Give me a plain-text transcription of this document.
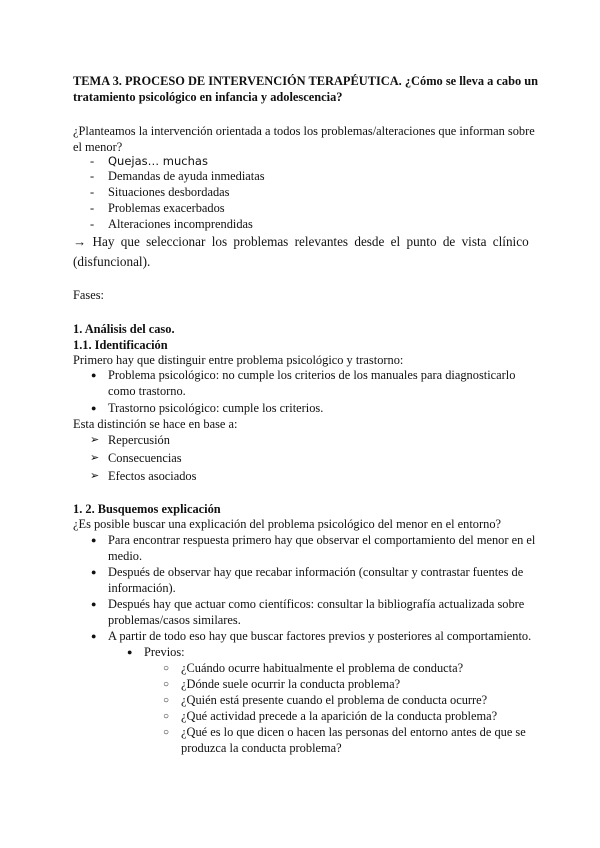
TEMA 3. PROCESO DE INTERVENCIÓN TERAPÉUTICA. ¿Cómo se lleva a cabo un
tratamiento psicológico en infancia y adolescencia?
¿Planteamos la intervención orientada a todos los problemas/alteraciones que informan sobre
el menor?
-	Quejas… muchas
-	Demandas de ayuda inmediatas
-	Situaciones desbordadas
-	Problemas exacerbados
-	Alteraciones incomprendidas
→ Hay que seleccionar los problemas relevantes desde el punto de vista clínico
(disfuncional).
Fases:
1. Análisis del caso.
1.1. Identificación
Primero hay que distinguir entre problema psicológico y trastorno:
● Problema psicológico: no cumple los criterios de los manuales para diagnosticarlo
como trastorno.
● Trastorno psicológico: cumple los criterios.
Esta distinción se hace en base a:
➢ Repercusión
➢ Consecuencias
➢ Efectos asociados
1. 2. Busquemos explicación
¿Es posible buscar una explicación del problema psicológico del menor en el entorno?
● Para encontrar respuesta primero hay que observar el comportamiento del menor en el
medio.
● Después de observar hay que recabar información (consultar y contrastar fuentes de
información).
● Después hay que actuar como científicos: consultar la bibliografía actualizada sobre
problemas/casos similares.
● A partir de todo eso hay que buscar factores previos y posteriores al comportamiento.
● Previos:
○ ¿Cuándo ocurre habitualmente el problema de conducta?
○ ¿Dónde suele ocurrir la conducta problema?
○ ¿Quién está presente cuando el problema de conducta ocurre?
○ ¿Qué actividad precede a la aparición de la conducta problema?
○ ¿Qué es lo que dicen o hacen las personas del entorno antes de que se
produzca la conducta problema?
